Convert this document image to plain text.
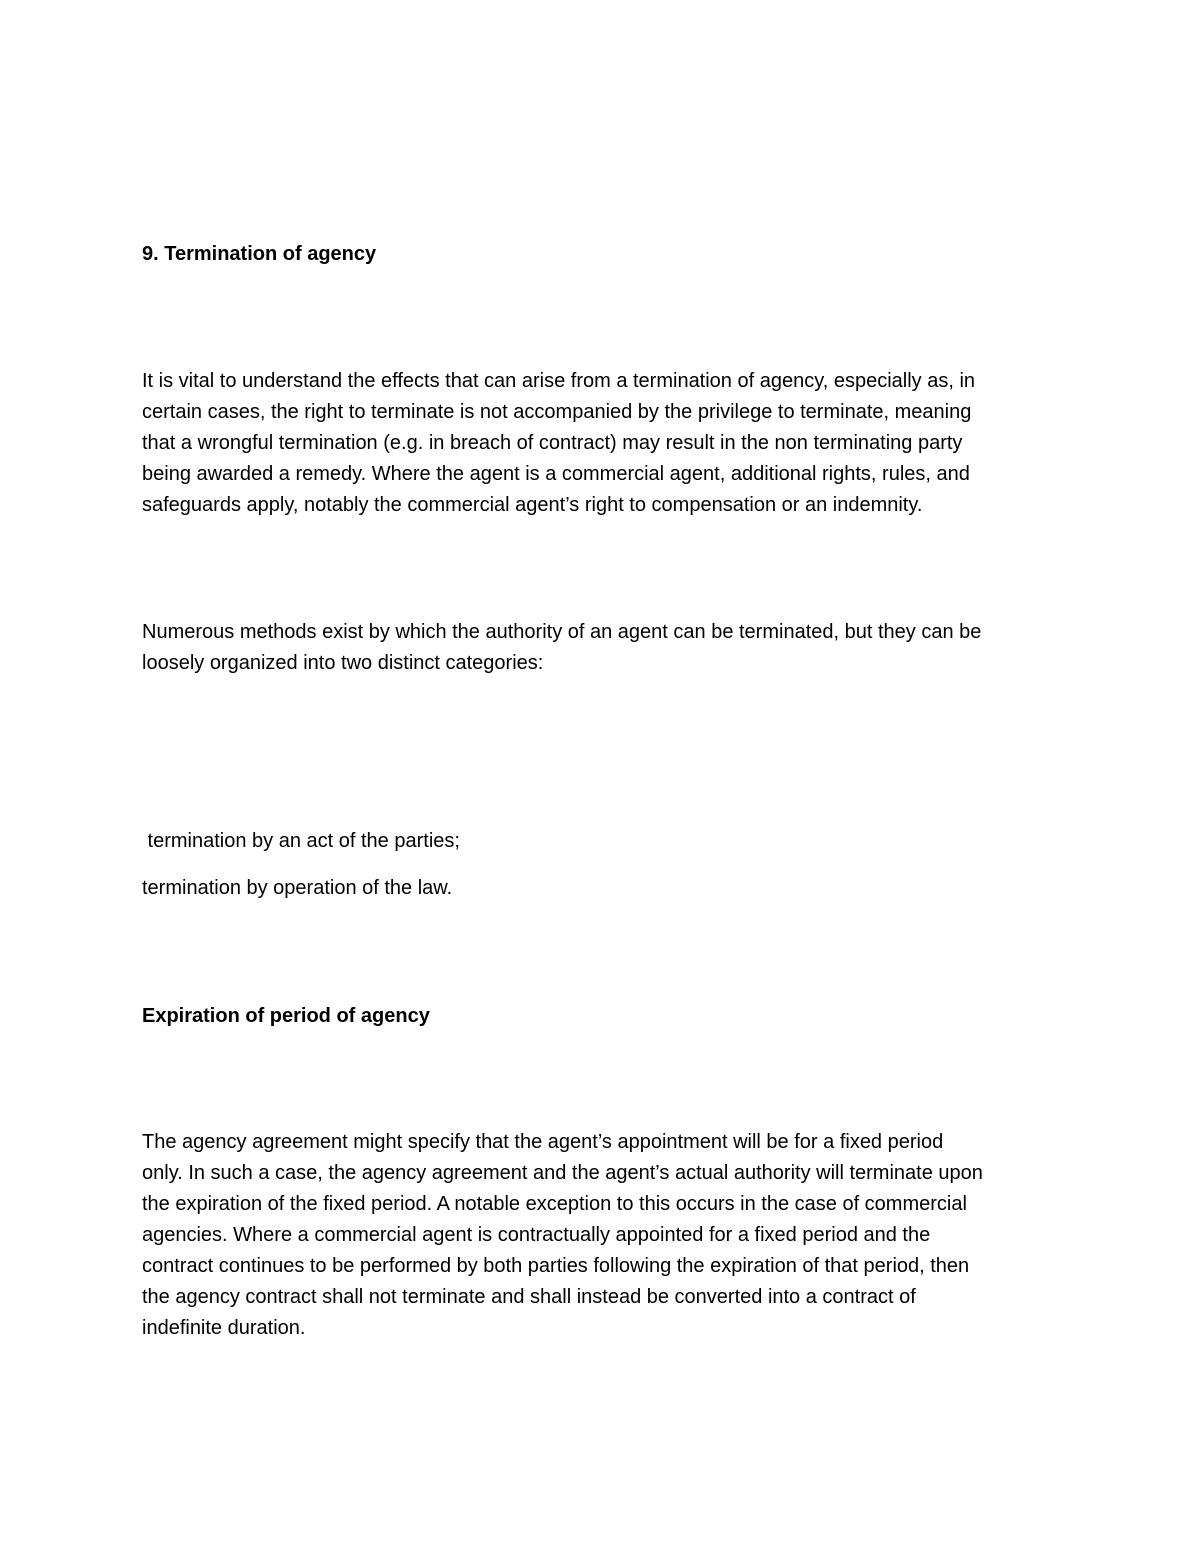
9. Termination of agency
It is vital to understand the effects that can arise from a termination of agency, especially as, in
certain cases, the right to terminate is not accompanied by the privilege to terminate, meaning
that a wrongful termination (e.g. in breach of contract) may result in the non terminating party
being awarded a remedy. Where the agent is a commercial agent, additional rights, rules, and
safeguards apply, notably the commercial agent’s right to compensation or an indemnity.
Numerous methods exist by which the authority of an agent can be terminated, but they can be
loosely organized into two distinct categories:
termination by an act of the parties;
termination by operation of the law.
Expiration of period of agency
The agency agreement might specify that the agent’s appointment will be for a fixed period
only. In such a case, the agency agreement and the agent’s actual authority will terminate upon
the expiration of the fixed period. A notable exception to this occurs in the case of commercial
agencies. Where a commercial agent is contractually appointed for a fixed period and the
contract continues to be performed by both parties following the expiration of that period, then
the agency contract shall not terminate and shall instead be converted into a contract of
indefinite duration.
